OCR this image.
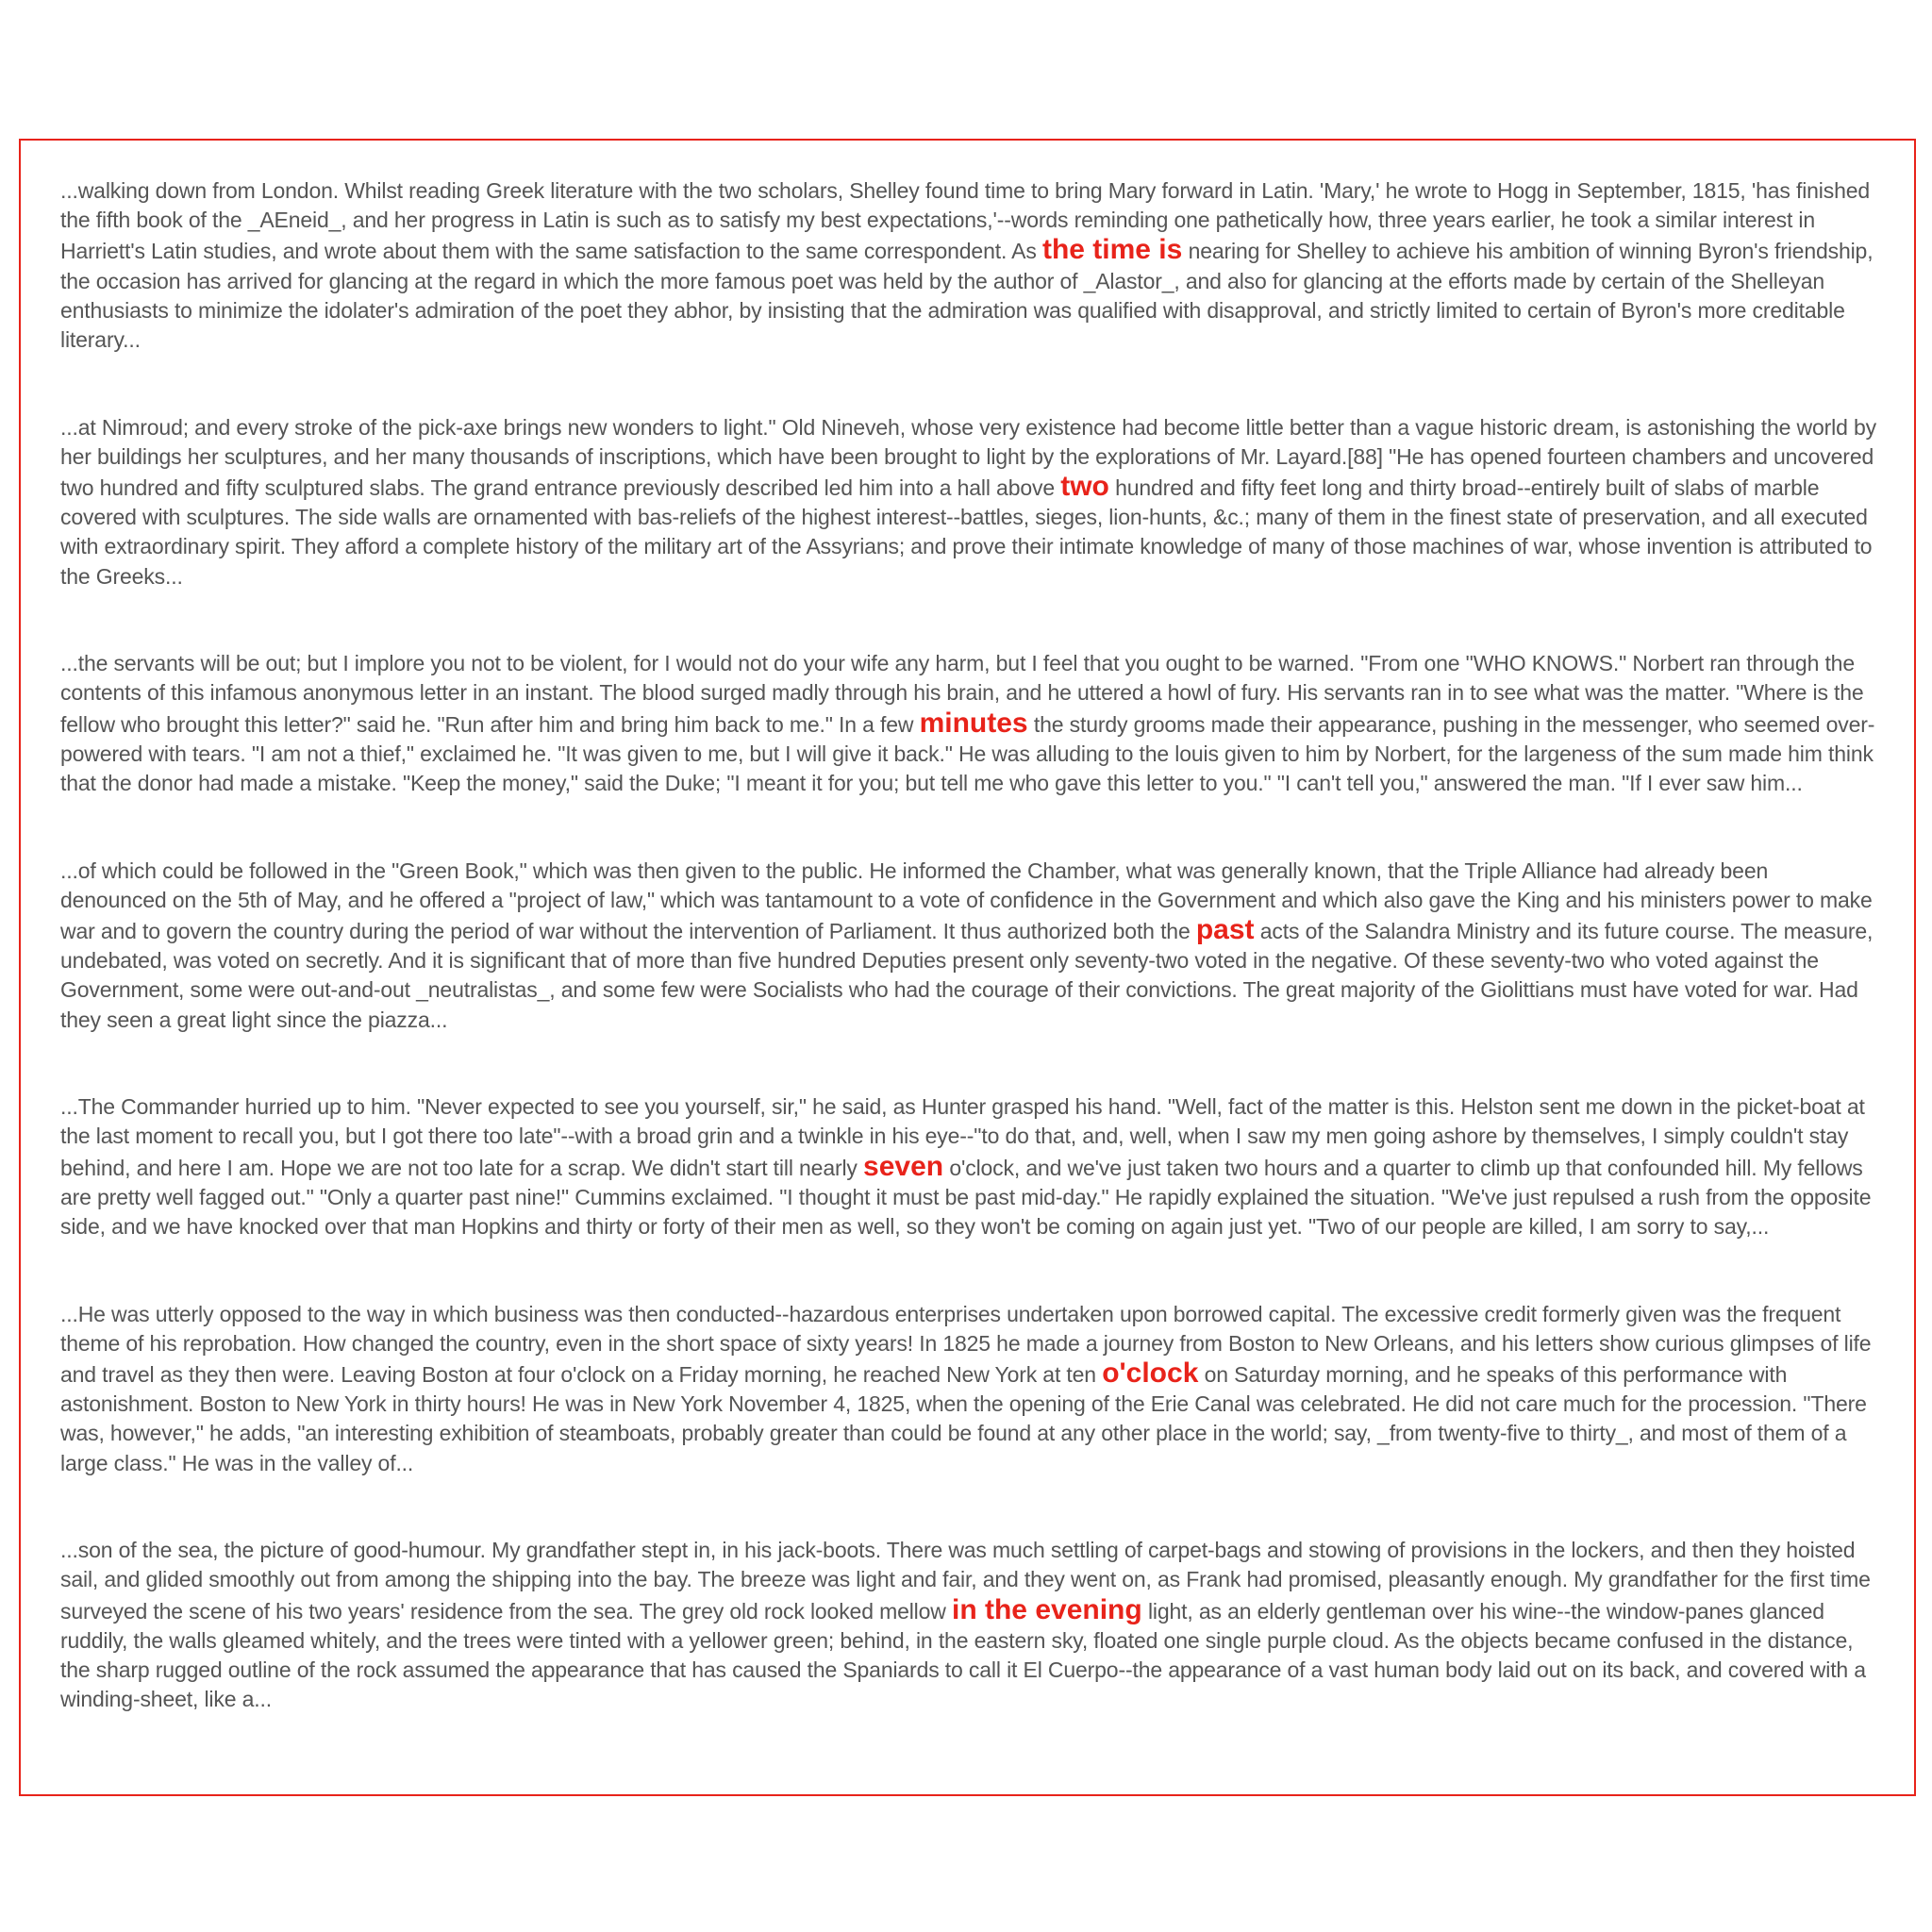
...walking down from London. Whilst reading Greek literature with the two scholars, Shelley found time to bring Mary forward in Latin. 'Mary,' he wrote to Hogg in September, 1815, 'has finished the fifth book of the _AEneid_, and her progress in Latin is such as to satisfy my best expectations,'--words reminding one pathetically how, three years earlier, he took a similar interest in Harriett's Latin studies, and wrote about them with the same satisfaction to the same correspondent. As the time is nearing for Shelley to achieve his ambition of winning Byron's friendship, the occasion has arrived for glancing at the regard in which the more famous poet was held by the author of _Alastor_, and also for glancing at the efforts made by certain of the Shelleyan enthusiasts to minimize the idolater's admiration of the poet they abhor, by insisting that the admiration was qualified with disapproval, and strictly limited to certain of Byron's more creditable literary...

...at Nimroud; and every stroke of the pick-axe brings new wonders to light." Old Nineveh, whose very existence had become little better than a vague historic dream, is astonishing the world by her buildings her sculptures, and her many thousands of inscriptions, which have been brought to light by the explorations of Mr. Layard.[88] "He has opened fourteen chambers and uncovered two hundred and fifty sculptured slabs. The grand entrance previously described led him into a hall above two hundred and fifty feet long and thirty broad--entirely built of slabs of marble covered with sculptures. The side walls are ornamented with bas-reliefs of the highest interest--battles, sieges, lion-hunts, &c.; many of them in the finest state of preservation, and all executed with extraordinary spirit. They afford a complete history of the military art of the Assyrians; and prove their intimate knowledge of many of those machines of war, whose invention is attributed to the Greeks...

...the servants will be out; but I implore you not to be violent, for I would not do your wife any harm, but I feel that you ought to be warned. "From one "WHO KNOWS." Norbert ran through the contents of this infamous anonymous letter in an instant. The blood surged madly through his brain, and he uttered a howl of fury. His servants ran in to see what was the matter. "Where is the fellow who brought this letter?" said he. "Run after him and bring him back to me." In a few minutes the sturdy grooms made their appearance, pushing in the messenger, who seemed over-powered with tears. "I am not a thief," exclaimed he. "It was given to me, but I will give it back." He was alluding to the louis given to him by Norbert, for the largeness of the sum made him think that the donor had made a mistake. "Keep the money," said the Duke; "I meant it for you; but tell me who gave this letter to you." "I can't tell you," answered the man. "If I ever saw him...

...of which could be followed in the "Green Book," which was then given to the public. He informed the Chamber, what was generally known, that the Triple Alliance had already been denounced on the 5th of May, and he offered a "project of law," which was tantamount to a vote of confidence in the Government and which also gave the King and his ministers power to make war and to govern the country during the period of war without the intervention of Parliament. It thus authorized both the past acts of the Salandra Ministry and its future course. The measure, undebated, was voted on secretly. And it is significant that of more than five hundred Deputies present only seventy-two voted in the negative. Of these seventy-two who voted against the Government, some were out-and-out _neutralistas_, and some few were Socialists who had the courage of their convictions. The great majority of the Giolittians must have voted for war. Had they seen a great light since the piazza...

...The Commander hurried up to him. "Never expected to see you yourself, sir," he said, as Hunter grasped his hand. "Well, fact of the matter is this. Helston sent me down in the picket-boat at the last moment to recall you, but I got there too late"--with a broad grin and a twinkle in his eye--"to do that, and, well, when I saw my men going ashore by themselves, I simply couldn't stay behind, and here I am. Hope we are not too late for a scrap. We didn't start till nearly seven o'clock, and we've just taken two hours and a quarter to climb up that confounded hill. My fellows are pretty well fagged out." "Only a quarter past nine!" Cummins exclaimed. "I thought it must be past mid-day." He rapidly explained the situation. "We've just repulsed a rush from the opposite side, and we have knocked over that man Hopkins and thirty or forty of their men as well, so they won't be coming on again just yet. "Two of our people are killed, I am sorry to say,...

...He was utterly opposed to the way in which business was then conducted--hazardous enterprises undertaken upon borrowed capital. The excessive credit formerly given was the frequent theme of his reprobation. How changed the country, even in the short space of sixty years! In 1825 he made a journey from Boston to New Orleans, and his letters show curious glimpses of life and travel as they then were. Leaving Boston at four o'clock on a Friday morning, he reached New York at ten o'clock on Saturday morning, and he speaks of this performance with astonishment. Boston to New York in thirty hours! He was in New York November 4, 1825, when the opening of the Erie Canal was celebrated. He did not care much for the procession. "There was, however," he adds, "an interesting exhibition of steamboats, probably greater than could be found at any other place in the world; say, _from twenty-five to thirty_, and most of them of a large class." He was in the valley of...

...son of the sea, the picture of good-humour. My grandfather stept in, in his jack-boots. There was much settling of carpet-bags and stowing of provisions in the lockers, and then they hoisted sail, and glided smoothly out from among the shipping into the bay. The breeze was light and fair, and they went on, as Frank had promised, pleasantly enough. My grandfather for the first time surveyed the scene of his two years' residence from the sea. The grey old rock looked mellow in the evening light, as an elderly gentleman over his wine--the window-panes glanced ruddily, the walls gleamed whitely, and the trees were tinted with a yellower green; behind, in the eastern sky, floated one single purple cloud. As the objects became confused in the distance, the sharp rugged outline of the rock assumed the appearance that has caused the Spaniards to call it El Cuerpo--the appearance of a vast human body laid out on its back, and covered with a winding-sheet, like a...
